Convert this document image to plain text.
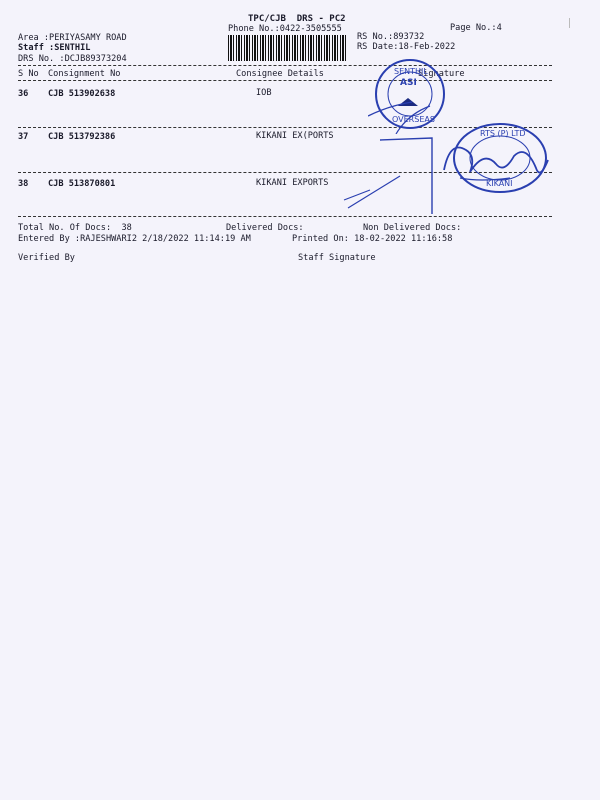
TPC/CJB  DRS - PC2
Phone No.:0422-3505555	Page No.:4
Area :PERIYASAMY ROAD
Staff :SENTHIL
DRS No. :DCJB89373204
RS No.:893732
RS Date:18-Feb-2022
S No Consignment No	Consignee Details	Signature
36 CJB 513902638	IOB
37 CJB 513792386	KIKANI EX(PORTS
38 CJB 513870801	KIKANI EXPORTS
Total No. Of Docs:  38	Delivered Docs:	Non Delivered Docs:
Entered By :RAJESHWARI2 2/18/2022 11:14:19 AM	Printed On: 18-02-2022 11:16:58
Verified By	Staff Signature
SENTHIL
ASI
OVERSEAS
RTS (P) LTD
KIKANI
